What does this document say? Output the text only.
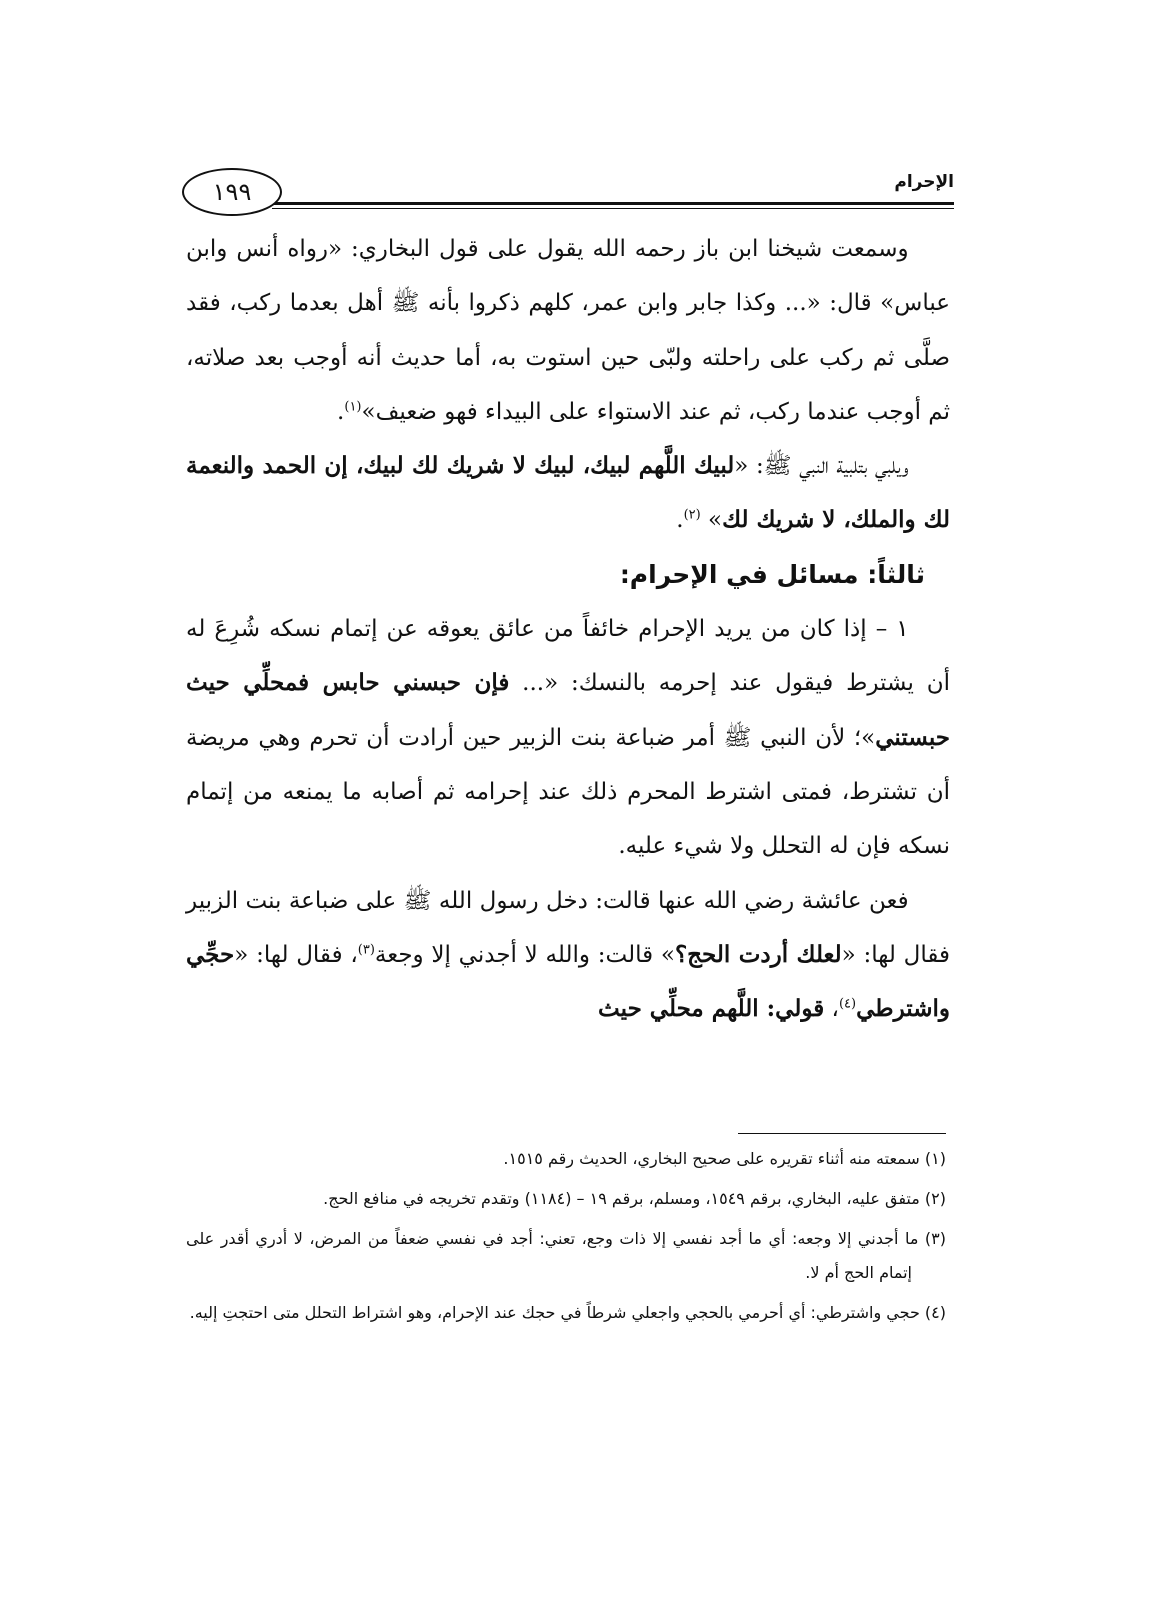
الإحرام
١٩٩

وسمعت شيخنا ابن باز رحمه الله يقول على قول البخاري: «رواه أنس وابن عباس» قال: «... وكذا جابر وابن عمر، كلهم ذكروا بأنه ﷺ أهل بعدما ركب، فقد صلَّى ثم ركب على راحلته ولبّى حين استوت به، أما حديث أنه أوجب بعد صلاته، ثم أوجب عندما ركب، ثم عند الاستواء على البيداء فهو ضعيف»$^{(١)}$.

ويلبي بتلبية النبي ﷺ: «لبيك اللَّهم لبيك، لبيك لا شريك لك لبيك، إن الحمد والنعمة لك والملك، لا شريك لك» $^{(٢)}$.

ثالثاً: مسائل في الإحرام:

١ – إذا كان من يريد الإحرام خائفاً من عائق يعوقه عن إتمام نسكه شُرِعَ له أن يشترط فيقول عند إحرمه بالنسك: «... فإن حبسني حابس فمحلِّي حيث حبستني»؛ لأن النبي ﷺ أمر ضباعة بنت الزبير حين أرادت أن تحرم وهي مريضة أن تشترط، فمتى اشترط المحرم ذلك عند إحرامه ثم أصابه ما يمنعه من إتمام نسكه فإن له التحلل ولا شيء عليه.

فعن عائشة رضي الله عنها قالت: دخل رسول الله ﷺ على ضباعة بنت الزبير فقال لها: «لعلك أردت الحج؟» قالت: والله لا أجدني إلا وجعة$^{(٣)}$، فقال لها: «حجِّي واشترطي$^{(٤)}$، قولي: اللَّهم محلِّي حيث

(١) سمعته منه أثناء تقريره على صحيح البخاري، الحديث رقم ١٥١٥.

(٢) متفق عليه، البخاري، برقم ١٥٤٩، ومسلم، برقم ١٩ – (١١٨٤) وتقدم تخريجه في منافع الحج.

(٣) ما أجدني إلا وجعه: أي ما أجد نفسي إلا ذات وجع، تعني: أجد في نفسي ضعفاً من المرض، لا أدري أقدر على إتمام الحج أم لا.

(٤) حجي واشترطي: أي أحرمي بالحجي واجعلي شرطاً في حجك عند الإحرام، وهو اشتراط التحلل متى احتجتِ إليه.
